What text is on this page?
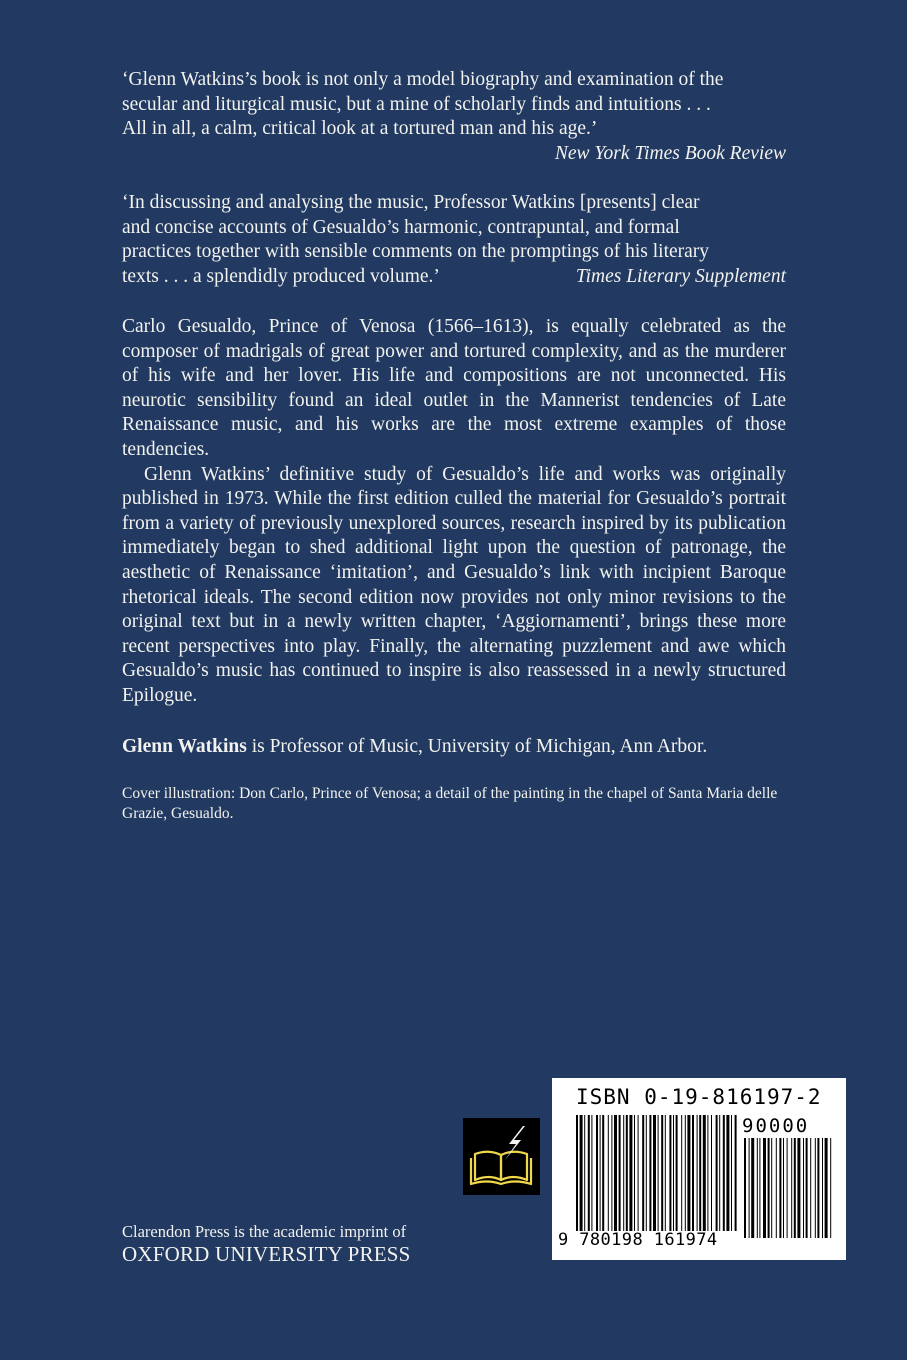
‘Glenn Watkins’s book is not only a model biography and examination of the

secular and liturgical music, but a mine of scholarly finds and intuitions . . .

All in all, a calm, critical look at a tortured man and his age.’

New York Times Book Review

‘In discussing and analysing the music, Professor Watkins [presents] clear

and concise accounts of Gesualdo’s harmonic, contrapuntal, and formal

practices together with sensible comments on the promptings of his literary

texts . . . a splendidly produced volume.’	Times Literary Supplement

Carlo Gesualdo, Prince of Venosa (1566–1613), is equally celebrated as the composer of madrigals of great power and tortured complexity, and as the murderer of his wife and her lover. His life and compositions are not unconnected. His neurotic sensibility found an ideal outlet in the Mannerist tendencies of Late Renaissance music, and his works are the most extreme examples of those tendencies.

Glenn Watkins’ definitive study of Gesualdo’s life and works was originally published in 1973. While the first edition culled the material for Gesualdo’s portrait from a variety of previously unexplored sources, research inspired by its publication immediately began to shed additional light upon the question of patronage, the aesthetic of Renaissance ‘imitation’, and Gesualdo’s link with incipient Baroque rhetorical ideals. The second edition now provides not only minor revisions to the original text but in a newly written chapter, ‘Aggiornamenti’, brings these more recent perspectives into play. Finally, the alternating puzzlement and awe which Gesualdo’s music has continued to inspire is also reassessed in a newly structured Epilogue.

Glenn Watkins is Professor of Music, University of Michigan, Ann Arbor.
Cover illustration: Don Carlo, Prince of Venosa; a detail of the painting in the chapel of Santa Maria delle Grazie, Gesualdo.
ISBN 0-19-816197-2
90000
9 780198 161974
Clarendon Press is the academic imprint of
OXFORD UNIVERSITY PRESS
